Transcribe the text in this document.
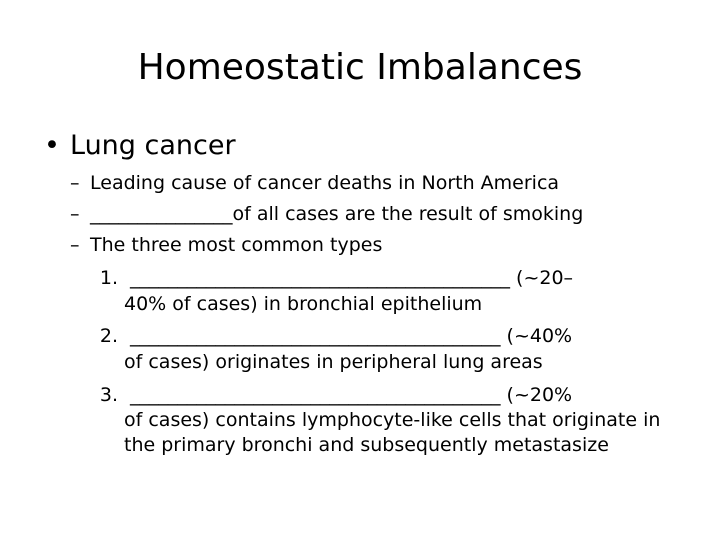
Homeostatic Imbalances
• Lung cancer
– Leading cause of cancer deaths in North America
– _______________of all cases are the result of smoking
– The three most common types
1. ________________________________________ (~20–
40% of cases) in bronchial epithelium
2. _______________________________________ (~40%
of cases) originates in peripheral lung areas
3. _______________________________________ (~20%
of cases) contains lymphocyte-like cells that originate in
the primary bronchi and subsequently metastasize
